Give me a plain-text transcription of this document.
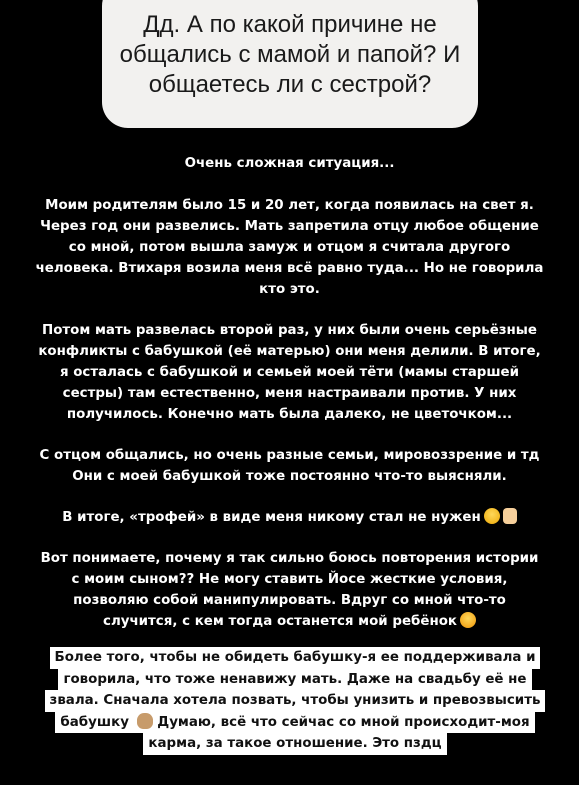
Дд. А по какой причине не
общались с мамой и папой? И
общаетесь ли с сестрой?
Очень сложная ситуация...
Моим родителям было 15 и 20 лет, когда появилась на свет я.
Через год они развелись. Мать запретила отцу любое общение
со мной, потом вышла замуж и отцом я считала другого
человека. Втихаря возила меня всё равно туда... Но не говорила
кто это.
Потом мать развелась второй раз, у них были очень серьёзные
конфликты с бабушкой (её матерью) они меня делили. В итоге,
я осталась с бабушкой и семьей моей тёти (мамы старшей
сестры) там естественно, меня настраивали против. У них
получилось. Конечно мать была далеко, не цветочком...
С отцом общались, но очень разные семьи, мировоззрение и тд
Они с моей бабушкой тоже постоянно что-то выясняли.
В итоге, «трофей» в виде меня никому стал не нужен
Вот понимаете, почему я так сильно боюсь повторения истории
с моим сыном?? Не могу ставить Йосе жесткие условия,
позволяю собой манипулировать. Вдруг со мной что-то
случится, с кем тогда останется мой ребёнок
Более того, чтобы не обидеть бабушку-я ее поддерживала и
говорила, что тоже ненавижу мать. Даже на свадьбу её не
звала. Сначала хотела позвать, чтобы унизить и превозвысить
бабушку Думаю, всё что сейчас со мной происходит-моя
карма, за такое отношение. Это пздц
